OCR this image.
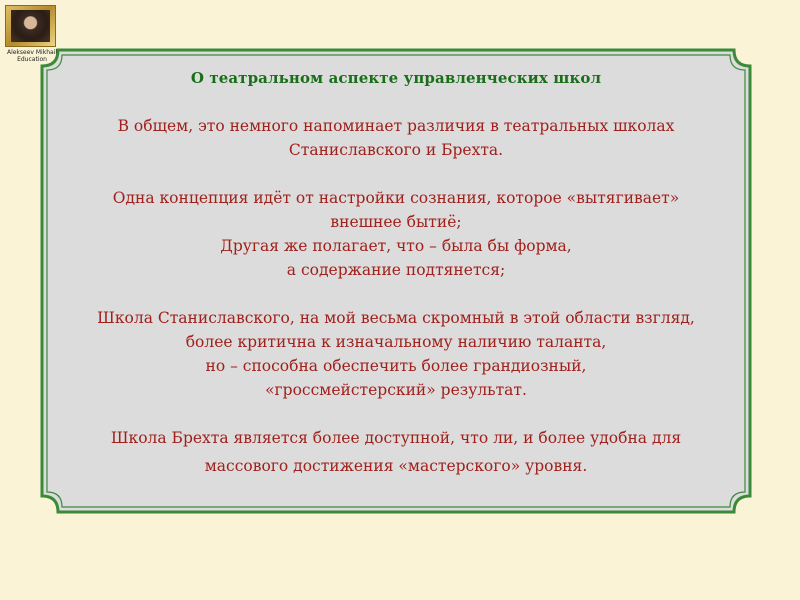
Alekseev Mikhail Education
О театральном аспекте управленческих школ
В общем, это немного напоминает различия в театральных школах
Станиславского и Брехта.
Одна концепция идёт от настройки сознания, которое «вытягивает»
внешнее бытиё;
Другая же полагает, что – была бы форма,
а содержание подтянется;
Школа Станиславского, на мой весьма скромный в этой области взгляд,
более критична к изначальному наличию таланта,
но – способна обеспечить более грандиозный,
«гроссмейстерский» результат.
Школа Брехта является более доступной, что ли, и более удобна для
массового достижения «мастерского» уровня.
